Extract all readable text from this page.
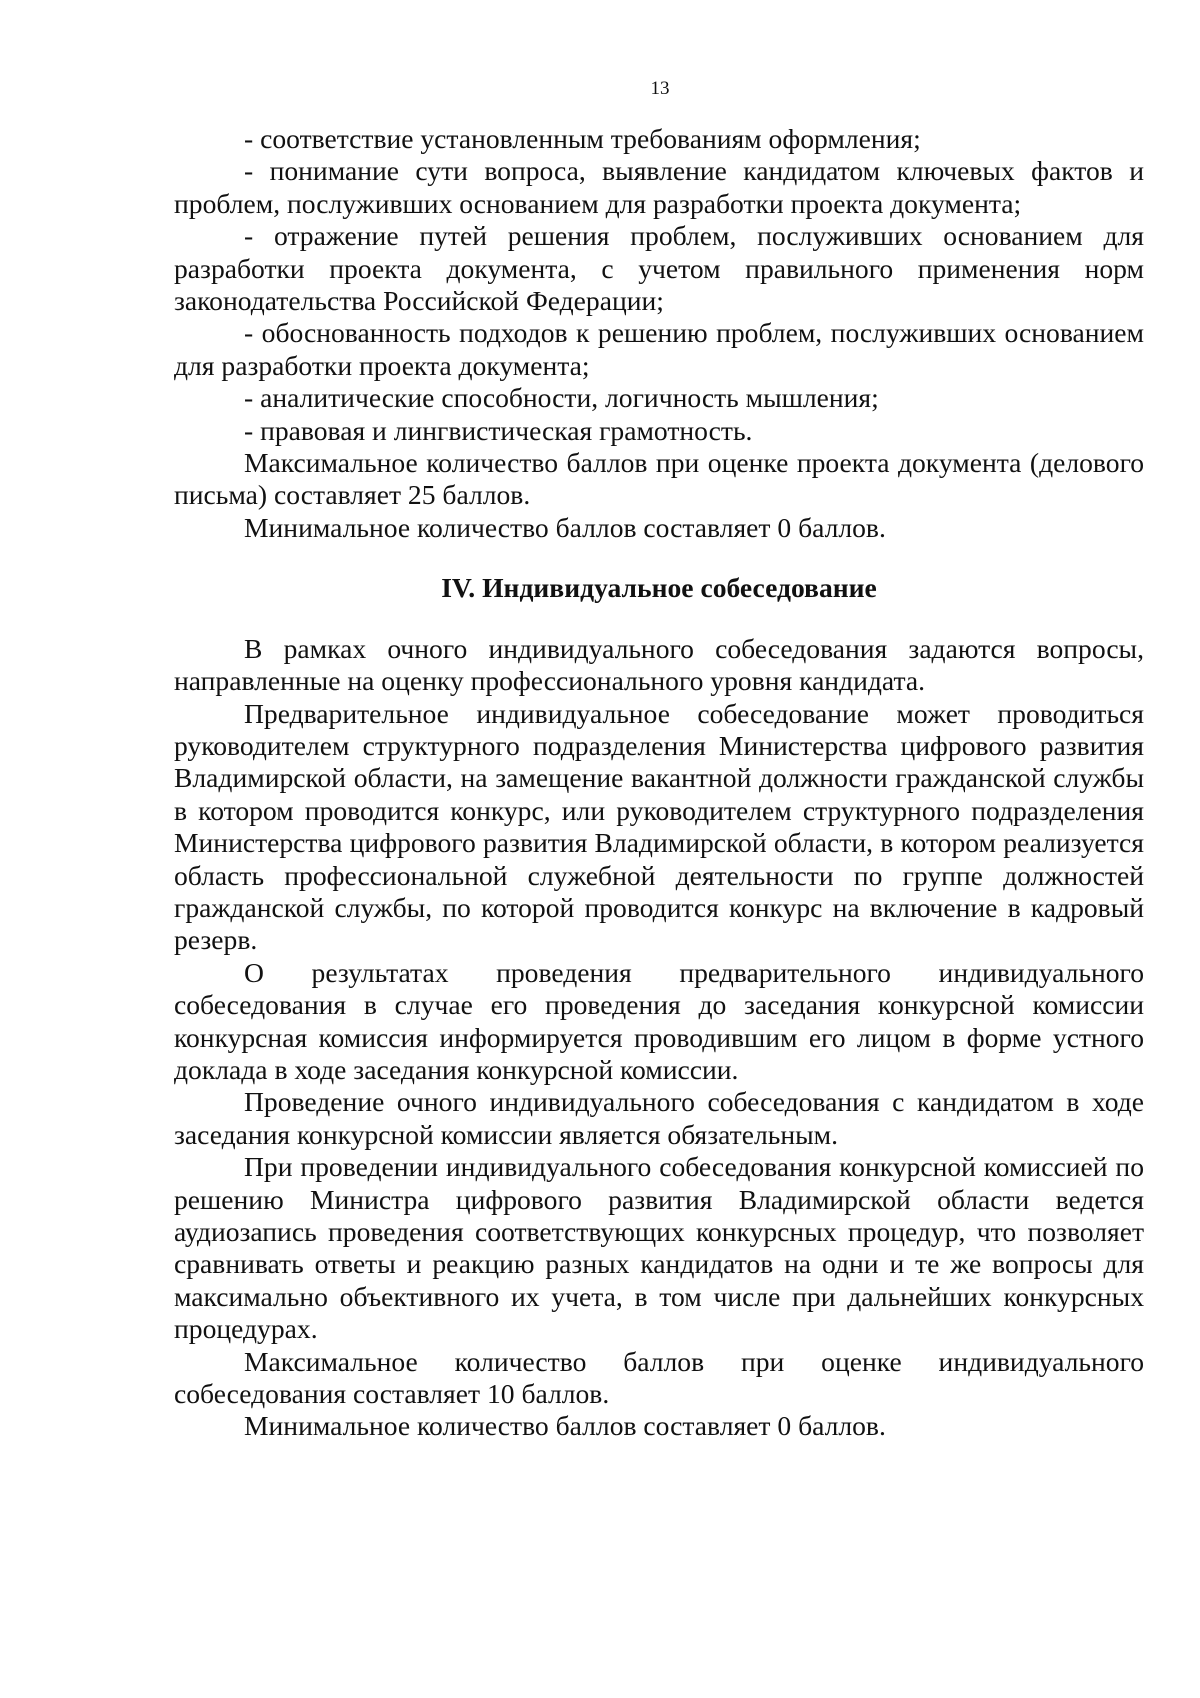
13

- соответствие установленным требованиям оформления;

- понимание сути вопроса, выявление кандидатом ключевых фактов и проблем, послуживших основанием для разработки проекта документа;

- отражение путей решения проблем, послуживших основанием для разработки проекта документа, с учетом правильного применения норм законодательства Российской Федерации;

- обоснованность подходов к решению проблем, послуживших основанием для разработки проекта документа;

- аналитические способности, логичность мышления;

- правовая и лингвистическая грамотность.

Максимальное количество баллов при оценке проекта документа (делового письма) составляет 25 баллов.

Минимальное количество баллов составляет 0 баллов.

IV. Индивидуальное собеседование

В рамках очного индивидуального собеседования задаются вопросы, направленные на оценку профессионального уровня кандидата.

Предварительное индивидуальное собеседование может проводиться руководителем структурного подразделения Министерства цифрового развития Владимирской области, на замещение вакантной должности гражданской службы в котором проводится конкурс, или руководителем структурного подразделения Министерства цифрового развития Владимирской области, в котором реализуется область профессиональной служебной деятельности по группе должностей гражданской службы, по которой проводится конкурс на включение в кадровый резерв.

О результатах проведения предварительного индивидуального собеседования в случае его проведения до заседания конкурсной комиссии конкурсная комиссия информируется проводившим его лицом в форме устного доклада в ходе заседания конкурсной комиссии.

Проведение очного индивидуального собеседования с кандидатом в ходе заседания конкурсной комиссии является обязательным.

При проведении индивидуального собеседования конкурсной комиссией по решению Министра цифрового развития Владимирской области ведется аудиозапись проведения соответствующих конкурсных процедур, что позволяет сравнивать ответы и реакцию разных кандидатов на одни и те же вопросы для максимально объективного их учета, в том числе при дальнейших конкурсных процедурах.

Максимальное количество баллов при оценке индивидуального собеседования составляет 10 баллов.

Минимальное количество баллов составляет 0 баллов.
